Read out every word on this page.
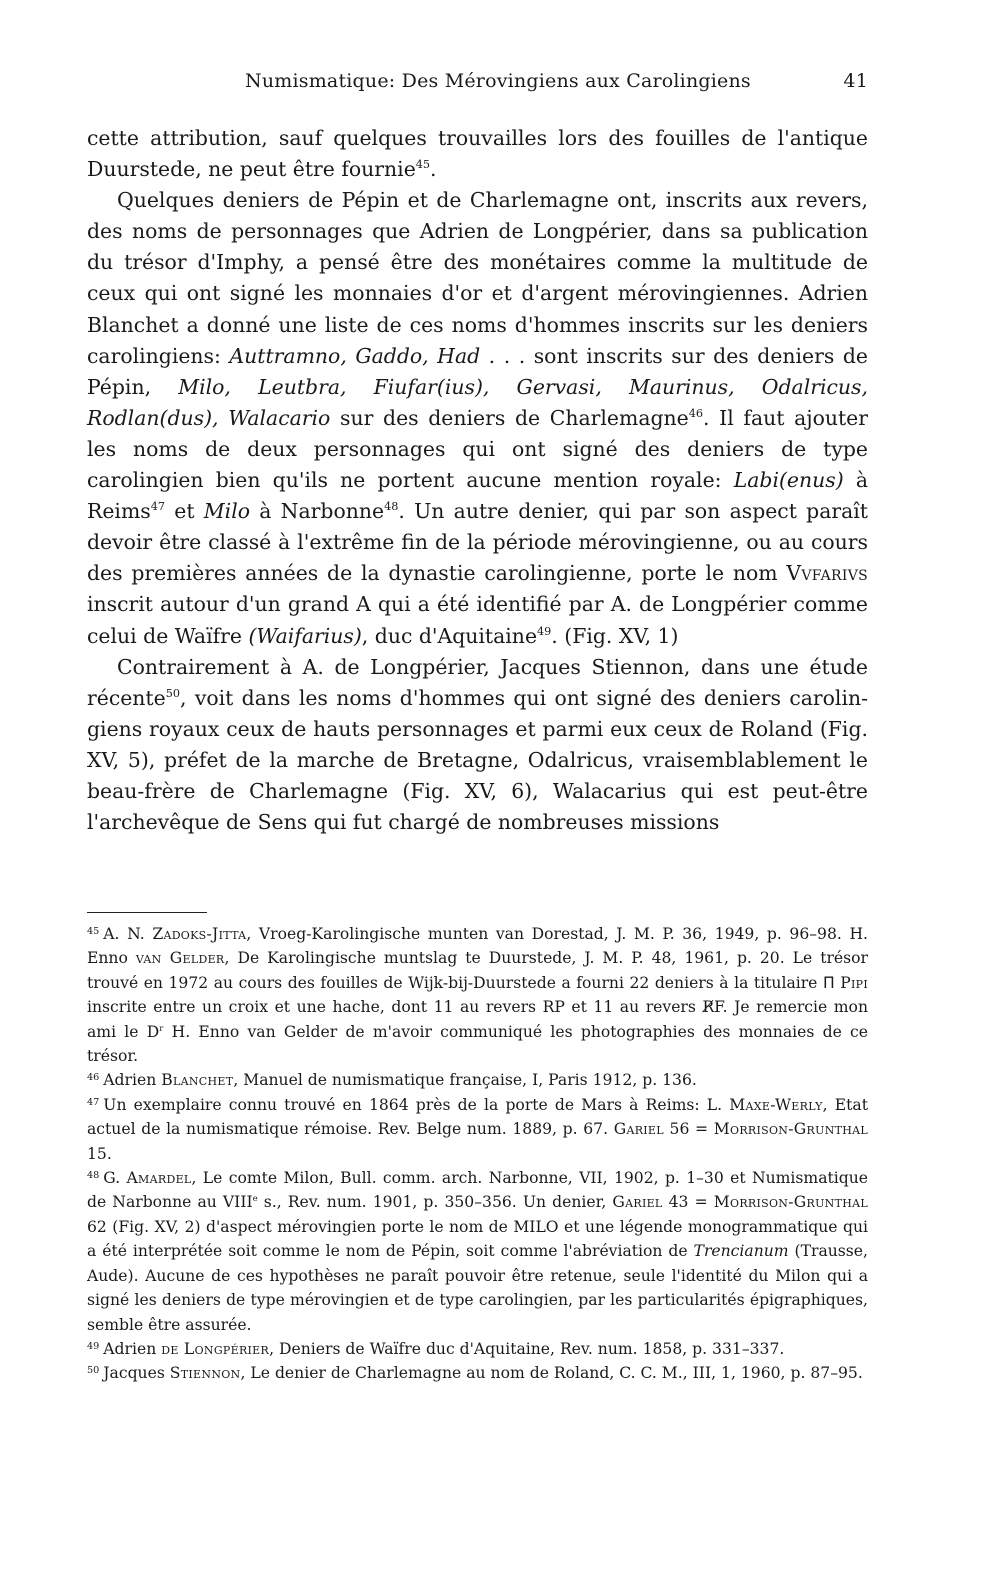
Numismatique: Des Mérovingiens aux Carolingiens	41

cette attribution, sauf quelques trouvailles lors des fouilles de l'antique Duurstede, ne peut être fournie$^{45}$.

Quelques deniers de Pépin et de Charlemagne ont, inscrits aux revers, des noms de personnages que Adrien de Longpérier, dans sa publication du trésor d'Imphy, a pensé être des monétaires comme la multitude de ceux qui ont signé les monnaies d'or et d'argent mérovingiennes. Adrien Blanchet a donné une liste de ces noms d'hommes inscrits sur les deniers carolingiens: Auttramno, Gaddo, Had . . . sont inscrits sur des deniers de Pépin, Milo, Leutbra, Fiufar(ius), Gervasi, Maurinus, Odalricus, Rodlan(dus), Walacario sur des deniers de Charlemagne$^{46}$. Il faut ajouter les noms de deux personnages qui ont signé des deniers de type carolingien bien qu'ils ne portent aucune mention royale: Labi(enus) à Reims$^{47}$ et Milo à Narbonne$^{48}$. Un autre denier, qui par son aspect paraît devoir être classé à l'extrême fin de la période mérovingienne, ou au cours des premières années de la dynastie carolingienne, porte le nom Vvfarivs inscrit autour d'un grand A qui a été identifié par A. de Longpérier comme celui de Waïfre (Waifarius), duc d'Aquitaine$^{49}$. (Fig. XV, 1)

Contrairement à A. de Longpérier, Jacques Stiennon, dans une étude récente$^{50}$, voit dans les noms d'hommes qui ont signé des deniers carolingiens royaux ceux de hauts personnages et parmi eux ceux de Roland (Fig. XV, 5), préfet de la marche de Bretagne, Odalricus, vraisemblablement le beau-frère de Charlemagne (Fig. XV, 6), Walacarius qui est peut-être l'archevêque de Sens qui fut chargé de nombreuses missions

$^{45}$ A. N. Zadoks-Jitta, Vroeg-Karolingische munten van Dorestad, J. M. P. 36, 1949, p. 96–98. H. Enno van Gelder, De Karolingische muntslag te Duurstede, J. M. P. 48, 1961, p. 20. Le trésor trouvé en 1972 au cours des fouilles de Wijk-bij-Duurstede a fourni 22 deniers à la titulaire Π Pipi inscrite entre un croix et une hache, dont 11 au revers RP et 11 au revers R̸F. Je remercie mon ami le $D^r$ H. Enno van Gelder de m'avoir communiqué les photographies des monnaies de ce trésor.

$^{46}$ Adrien Blanchet, Manuel de numismatique française, I, Paris 1912, p. 136.

$^{47}$ Un exemplaire connu trouvé en 1864 près de la porte de Mars à Reims: L. Maxe-Werly, Etat actuel de la numismatique rémoise. Rev. Belge num. 1889, p. 67. Gariel 56 = Morrison-Grunthal 15.

$^{48}$ G. Amardel, Le comte Milon, Bull. comm. arch. Narbonne, VII, 1902, p. 1–30 et Numismatique de Narbonne au VIIIe s., Rev. num. 1901, p. 350–356. Un denier, Gariel 43 = Morrison-Grunthal 62 (Fig. XV, 2) d'aspect mérovingien porte le nom de MILO et une légende monogrammatique qui a été interprétée soit comme le nom de Pépin, soit comme l'abréviation de Trencianum (Trausse, Aude). Aucune de ces hypothèses ne paraît pouvoir être retenue, seule l'identité du Milon qui a signé les deniers de type mérovingien et de type carolingien, par les particularités épigraphiques, semble être assurée.

$^{49}$ Adrien de Longpérier, Deniers de Waïfre duc d'Aquitaine, Rev. num. 1858, p. 331–337.

$^{50}$ Jacques Stiennon, Le denier de Charlemagne au nom de Roland, C. C. M., III, 1, 1960, p. 87–95.
